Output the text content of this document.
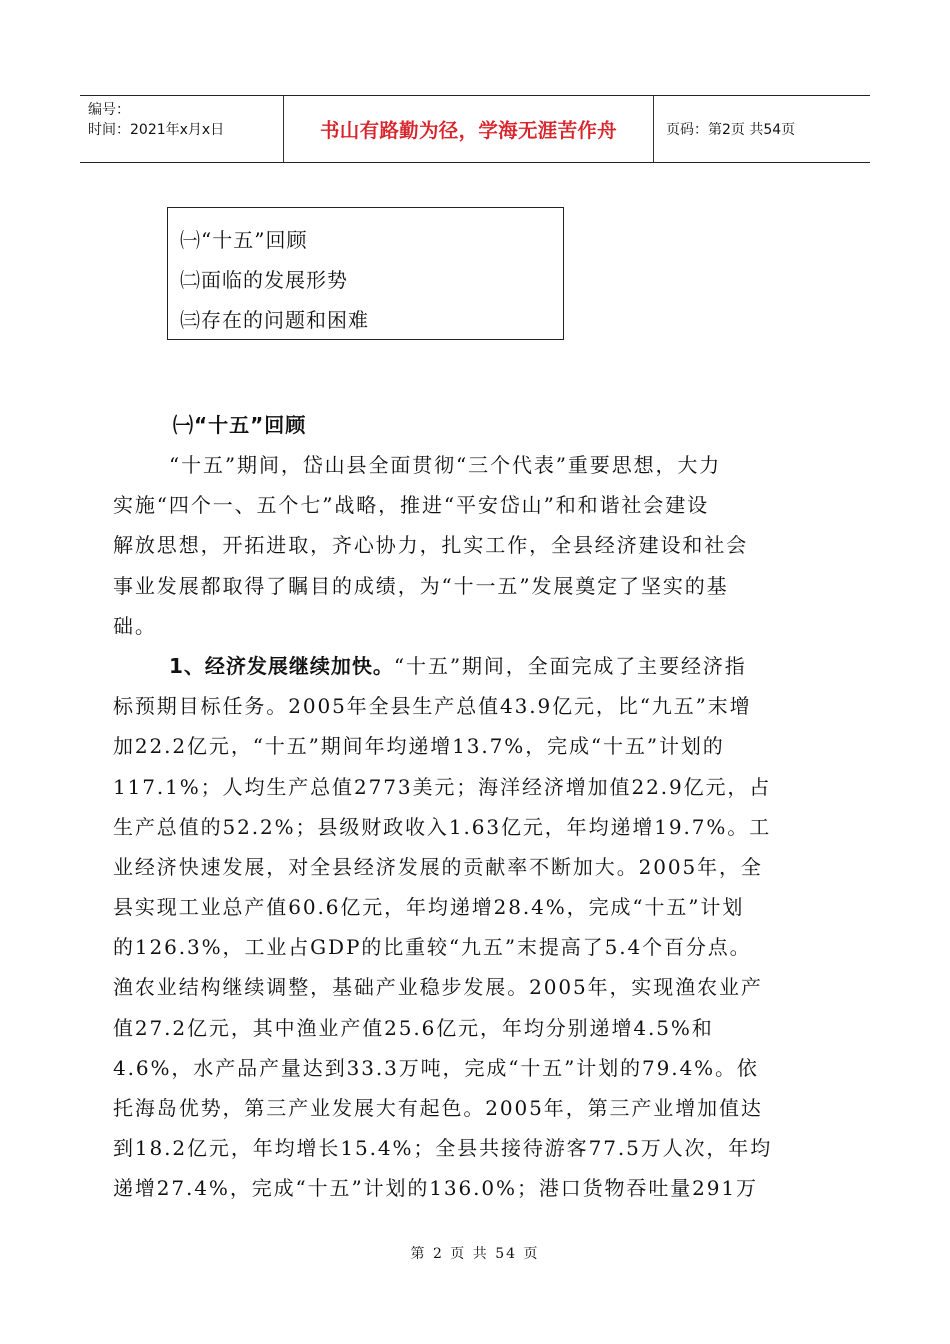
编号：
时间：2021年x月x日	书山有路勤为径，学海无涯苦作舟	页码：第2页 共54页
㈠“十五”回顾
㈡面临的发展形势
㈢存在的问题和困难
㈠“十五”回顾
“十五”期间，岱山县全面贯彻“三个代表”重要思想，大力
实施“四个一、五个七”战略，推进“平安岱山”和和谐社会建设
解放思想，开拓进取，齐心协力，扎实工作，全县经济建设和社会
事业发展都取得了瞩目的成绩，为“十一五”发展奠定了坚实的基
础。
1、经济发展继续加快。“十五”期间，全面完成了主要经济指
标预期目标任务。2005年全县生产总值43.9亿元，比“九五”末增
加22.2亿元，“十五”期间年均递增13.7%，完成“十五”计划的
117.1%；人均生产总值2773美元；海洋经济增加值22.9亿元，占
生产总值的52.2%；县级财政收入1.63亿元，年均递增19.7%。工
业经济快速发展，对全县经济发展的贡献率不断加大。2005年，全
县实现工业总产值60.6亿元，年均递增28.4%，完成“十五”计划
的126.3%，工业占GDP的比重较“九五”末提高了5.4个百分点。
渔农业结构继续调整，基础产业稳步发展。2005年，实现渔农业产
值27.2亿元，其中渔业产值25.6亿元，年均分别递增4.5%和
4.6%，水产品产量达到33.3万吨，完成“十五”计划的79.4%。依
托海岛优势，第三产业发展大有起色。2005年，第三产业增加值达
到18.2亿元，年均增长15.4%；全县共接待游客77.5万人次，年均
递增27.4%，完成“十五”计划的136.0%；港口货物吞吐量291万
第 2 页 共 54 页
